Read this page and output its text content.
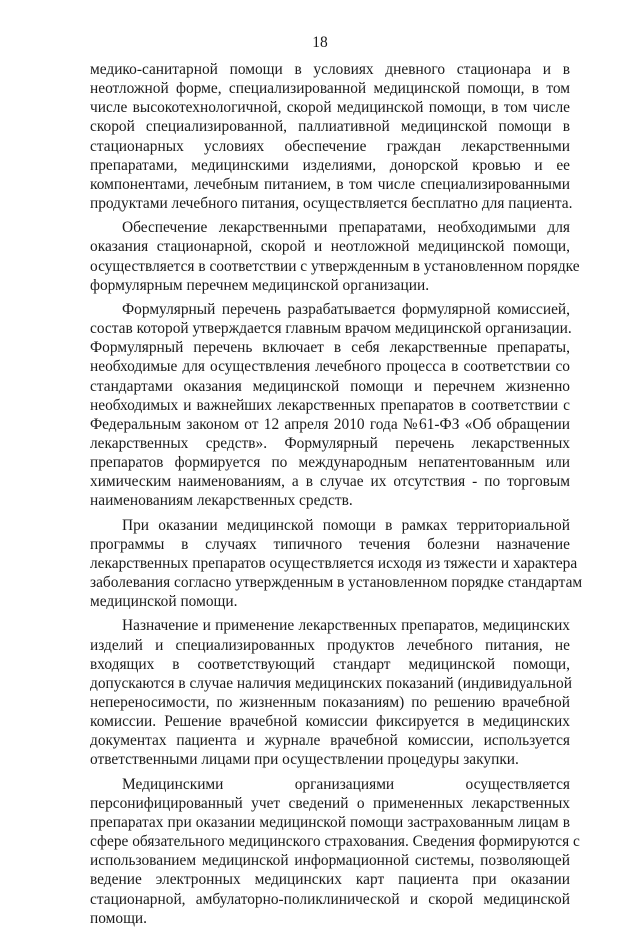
18
медико-санитарной помощи в условиях дневного стационара и в
неотложной форме, специализированной медицинской помощи, в том
числе высокотехнологичной, скорой медицинской помощи, в том числе
скорой специализированной, паллиативной медицинской помощи в
стационарных условиях обеспечение граждан лекарственными
препаратами, медицинскими изделиями, донорской кровью и ее
компонентами, лечебным питанием, в том числе специализированными
продуктами лечебного питания, осуществляется бесплатно для пациента.
Обеспечение лекарственными препаратами, необходимыми для
оказания стационарной, скорой и неотложной медицинской помощи,
осуществляется в соответствии с утвержденным в установленном порядке
формулярным перечнем медицинской организации.
Формулярный перечень разрабатывается формулярной комиссией,
состав которой утверждается главным врачом медицинской организации.
Формулярный перечень включает в себя лекарственные препараты,
необходимые для осуществления лечебного процесса в соответствии со
стандартами оказания медицинской помощи и перечнем жизненно
необходимых и важнейших лекарственных препаратов в соответствии с
Федеральным законом от 12 апреля 2010 года №61-ФЗ «Об обращении
лекарственных средств». Формулярный перечень лекарственных
препаратов формируется по международным непатентованным или
химическим наименованиям, а в случае их отсутствия - по торговым
наименованиям лекарственных средств.
При оказании медицинской помощи в рамках территориальной
программы в случаях типичного течения болезни назначение
лекарственных препаратов осуществляется исходя из тяжести и характера
заболевания согласно утвержденным в установленном порядке стандартам
медицинской помощи.
Назначение и применение лекарственных препаратов, медицинских
изделий и специализированных продуктов лечебного питания, не
входящих в соответствующий стандарт медицинской помощи,
допускаются в случае наличия медицинских показаний (индивидуальной
непереносимости, по жизненным показаниям) по решению врачебной
комиссии. Решение врачебной комиссии фиксируется в медицинских
документах пациента и журнале врачебной комиссии, используется
ответственными лицами при осуществлении процедуры закупки.
Медицинскими организациями осуществляется
персонифицированный учет сведений о примененных лекарственных
препаратах при оказании медицинской помощи застрахованным лицам в
сфере обязательного медицинского страхования. Сведения формируются с
использованием медицинской информационной системы, позволяющей
ведение электронных медицинских карт пациента при оказании
стационарной, амбулаторно-поликлинической и скорой медицинской
помощи.
